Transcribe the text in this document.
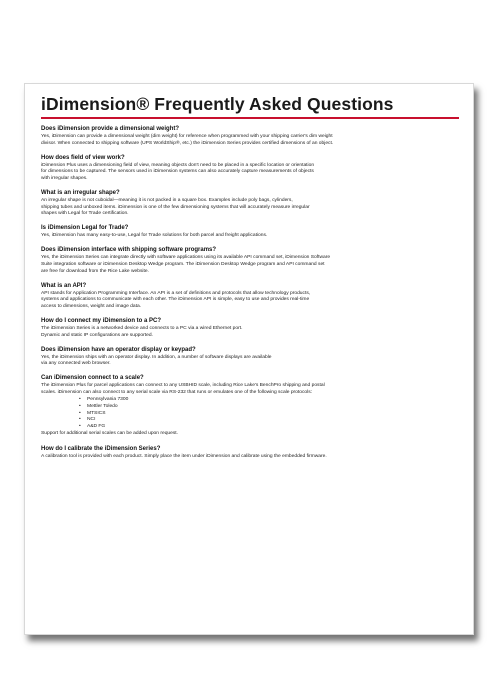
iDimension® Frequently Asked Questions
Does iDimension provide a dimensional weight?
Yes, iDimension can provide a dimensional weight (dim weight) for reference when programmed with your shipping carrier's dim weight
divisor. When connected to shipping software (UPS WorldShip®, etc.) the iDimension Series provides certified dimensions of an object.
How does field of view work?
iDimension Plus uses a dimensioning field of view, meaning objects don't need to be placed in a specific location or orientation
for dimensions to be captured. The sensors used in iDimension systems can also accurately capture measurements of objects
with irregular shapes.
What is an irregular shape?
An irregular shape is not cuboidal—meaning it is not packed in a square box. Examples include poly bags, cylinders,
shipping tubes and unboxed items. iDimension is one of the few dimensioning systems that will accurately measure irregular
shapes with Legal for Trade certification.
Is iDimension Legal for Trade?
Yes, iDimension has many easy-to-use, Legal for Trade solutions for both parcel and freight applications.
Does iDimension interface with shipping software programs?
Yes, the iDimension Series can integrate directly with software applications using its available API command set, iDimension Software
Suite integration software or iDimension Desktop Wedge program. The iDimension Desktop Wedge program and API command set
are free for download from the Rice Lake website.
What is an API?
API stands for Application Programming Interface. An API is a set of definitions and protocols that allow technology products,
systems and applications to communicate with each other. The iDimension API is simple, easy to use and provides real-time
access to dimensions, weight and image data.
How do I connect my iDimension to a PC?
The iDimension Series is a networked device and connects to a PC via a wired Ethernet port.
Dynamic and static IP configurations are supported.
Does iDimension have an operator display or keypad?
Yes, the iDimension ships with an operator display. In addition, a number of software displays are available
via any connected web browser.
Can iDimension connect to a scale?
The iDimension Plus for parcel applications can connect to any USBHID scale, including Rice Lake's BenchPro shipping and postal
scales. iDimension can also connect to any serial scale via RS-232 that runs or emulates one of the following scale protocols:
• Pennsylvania 7300
• Mettler Toledo
• MTSICS
• NCI
• A&D FG
Support for additional serial scales can be added upon request.
How do I calibrate the iDimension Series?
A calibration tool is provided with each product. Simply place the item under iDimension and calibrate using the embedded firmware.
